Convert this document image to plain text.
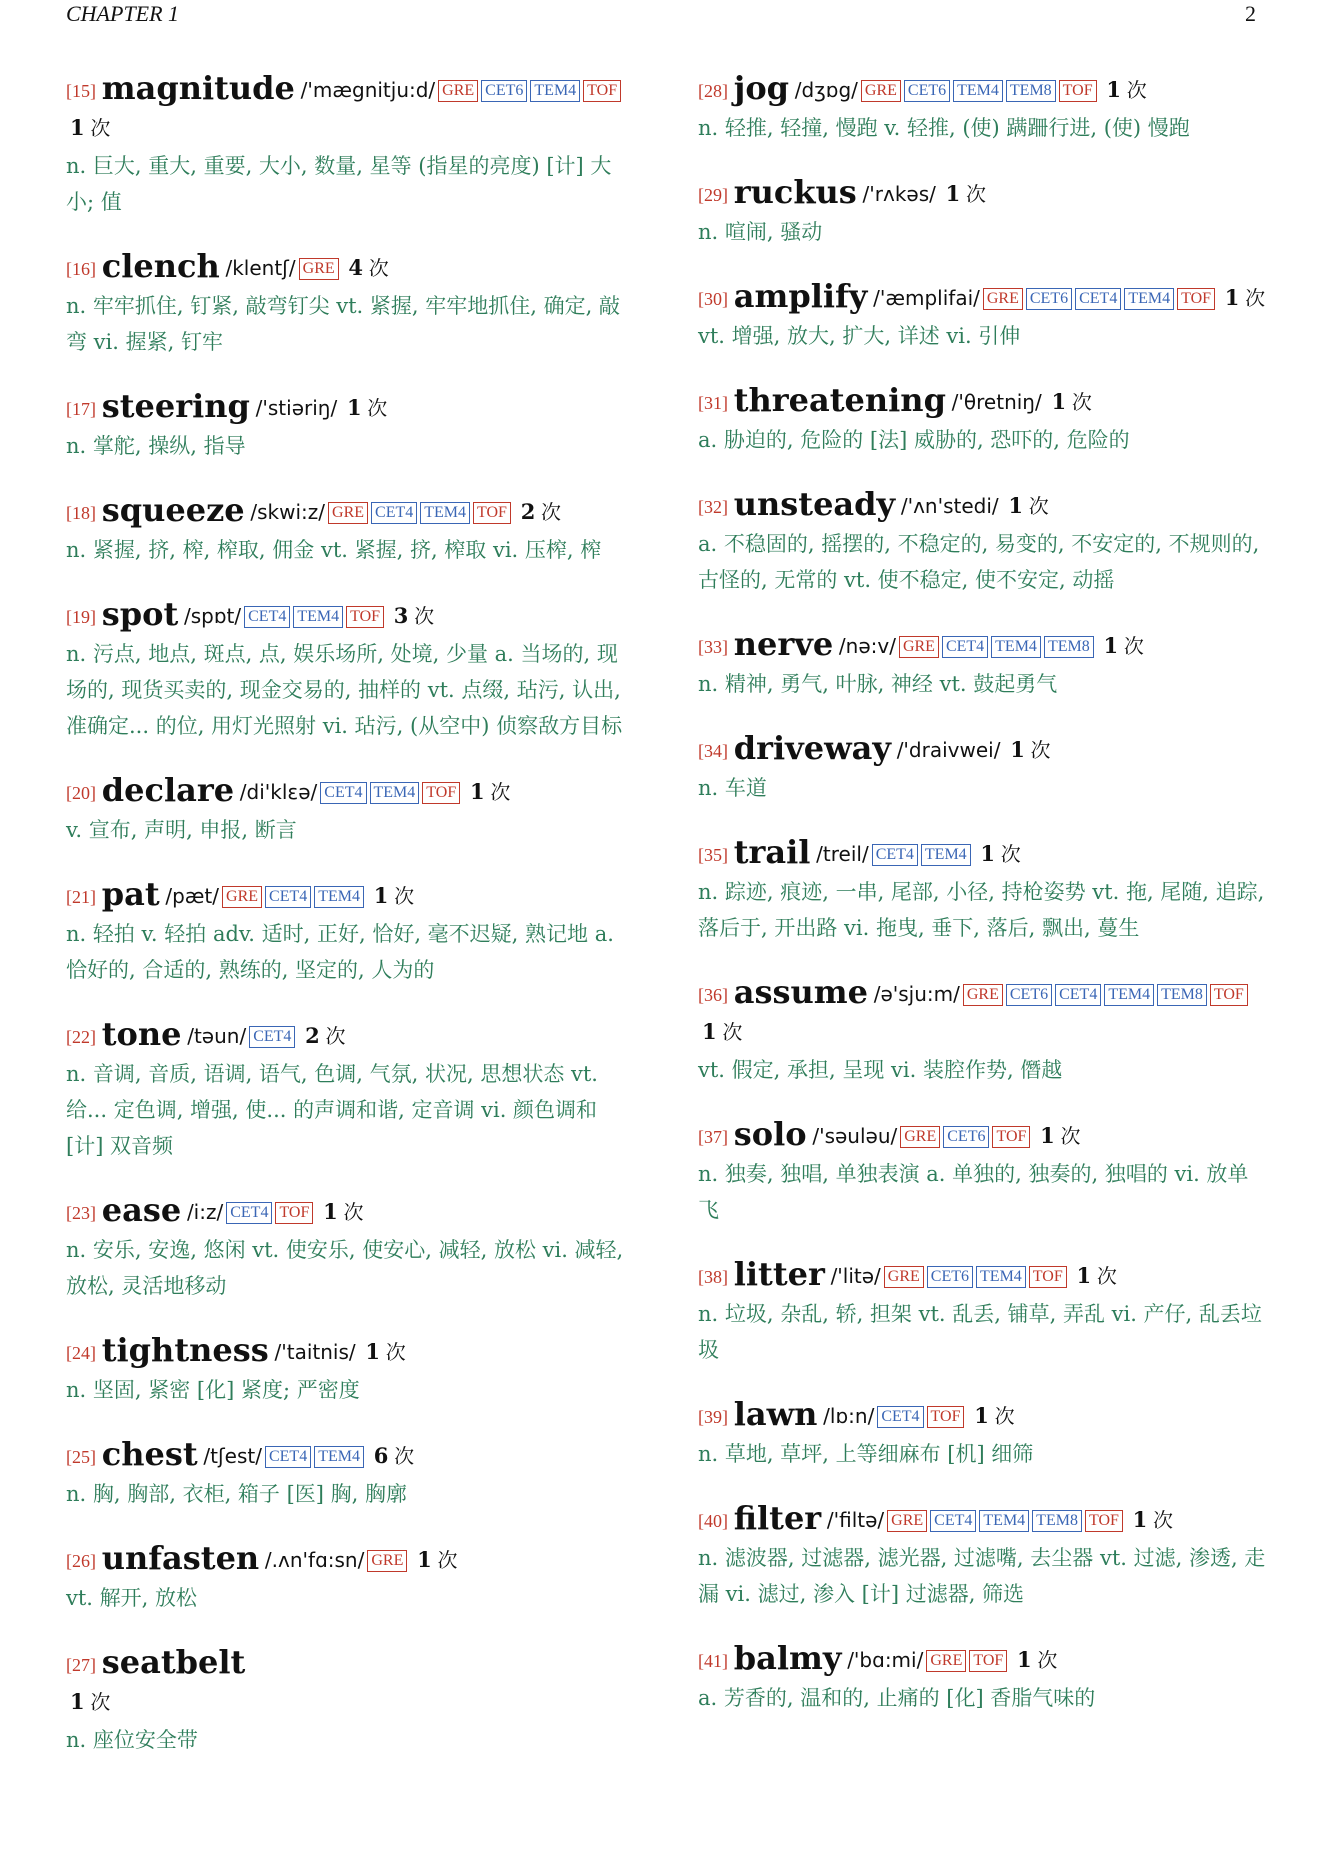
CHAPTER 1	2
[15] magnitude /'mægnitju:d/ GRE CET6 TEM4 TOF 1 次
n. 巨大, 重大, 重要, 大小, 数量, 星等 (指星的亮度) [计] 大小; 值
[16] clench /klentʃ/ GRE 4 次
n. 牢牢抓住, 钉紧, 敲弯钉尖 vt. 紧握, 牢牢地抓住, 确定, 敲弯 vi. 握紧, 钉牢
[17] steering /'stiəriŋ/ 1 次
n. 掌舵, 操纵, 指导
[18] squeeze /skwi:z/ GRE CET4 TEM4 TOF 2 次
n. 紧握, 挤, 榨, 榨取, 佣金 vt. 紧握, 挤, 榨取 vi. 压榨, 榨
[19] spot /spɒt/ CET4 TEM4 TOF 3 次
n. 污点, 地点, 斑点, 点, 娱乐场所, 处境, 少量 a. 当场的, 现场的, 现货买卖的, 现金交易的, 抽样的 vt. 点缀, 玷污, 认出, 准确定... 的位, 用灯光照射 vi. 玷污, (从空中) 侦察敌方目标
[20] declare /di'klεə/ CET4 TEM4 TOF 1 次
v. 宣布, 声明, 申报, 断言
[21] pat /pæt/ GRE CET4 TEM4 1 次
n. 轻拍 v. 轻拍 adv. 适时, 正好, 恰好, 毫不迟疑, 熟记地 a. 恰好的, 合适的, 熟练的, 坚定的, 人为的
[22] tone /təun/ CET4 2 次
n. 音调, 音质, 语调, 语气, 色调, 气氛, 状况, 思想状态 vt. 给... 定色调, 增强, 使... 的声调和谐, 定音调 vi. 颜色调和 [计] 双音频
[23] ease /i:z/ CET4 TOF 1 次
n. 安乐, 安逸, 悠闲 vt. 使安乐, 使安心, 减轻, 放松 vi. 减轻, 放松, 灵活地移动
[24] tightness /'taitnis/ 1 次
n. 坚固, 紧密 [化] 紧度; 严密度
[25] chest /tʃest/ CET4 TEM4 6 次
n. 胸, 胸部, 衣柜, 箱子 [医] 胸, 胸廓
[26] unfasten /.ʌn'fɑ:sn/ GRE 1 次
vt. 解开, 放松
[27] seatbelt
1 次
n. 座位安全带
[28] jog /dʒɒg/ GRE CET6 TEM4 TEM8 TOF 1 次
n. 轻推, 轻撞, 慢跑 v. 轻推, (使) 蹒跚行进, (使) 慢跑
[29] ruckus /'rʌkəs/ 1 次
n. 喧闹, 骚动
[30] amplify /'æmplifai/ GRE CET6 CET4 TEM4 TOF 1 次
vt. 增强, 放大, 扩大, 详述 vi. 引伸
[31] threatening /'θretniŋ/ 1 次
a. 胁迫的, 危险的 [法] 威胁的, 恐吓的, 危险的
[32] unsteady /'ʌn'stedi/ 1 次
a. 不稳固的, 摇摆的, 不稳定的, 易变的, 不安定的, 不规则的, 古怪的, 无常的 vt. 使不稳定, 使不安定, 动摇
[33] nerve /nə:v/ GRE CET4 TEM4 TEM8 1 次
n. 精神, 勇气, 叶脉, 神经 vt. 鼓起勇气
[34] driveway /'draivwei/ 1 次
n. 车道
[35] trail /treil/ CET4 TEM4 1 次
n. 踪迹, 痕迹, 一串, 尾部, 小径, 持枪姿势 vt. 拖, 尾随, 追踪, 落后于, 开出路 vi. 拖曳, 垂下, 落后, 飘出, 蔓生
[36] assume /ə'sju:m/ GRE CET6 CET4 TEM4 TEM8 TOF 1 次
vt. 假定, 承担, 呈现 vi. 装腔作势, 僭越
[37] solo /'səuləu/ GRE CET6 TOF 1 次
n. 独奏, 独唱, 单独表演 a. 单独的, 独奏的, 独唱的 vi. 放单飞
[38] litter /'litə/ GRE CET6 TEM4 TOF 1 次
n. 垃圾, 杂乱, 轿, 担架 vt. 乱丢, 铺草, 弄乱 vi. 产仔, 乱丢垃圾
[39] lawn /lɒ:n/ CET4 TOF 1 次
n. 草地, 草坪, 上等细麻布 [机] 细筛
[40] filter /'filtə/ GRE CET4 TEM4 TEM8 TOF 1 次
n. 滤波器, 过滤器, 滤光器, 过滤嘴, 去尘器 vt. 过滤, 渗透, 走漏 vi. 滤过, 渗入 [计] 过滤器, 筛选
[41] balmy /'bɑ:mi/ GRE TOF 1 次
a. 芳香的, 温和的, 止痛的 [化] 香脂气味的
